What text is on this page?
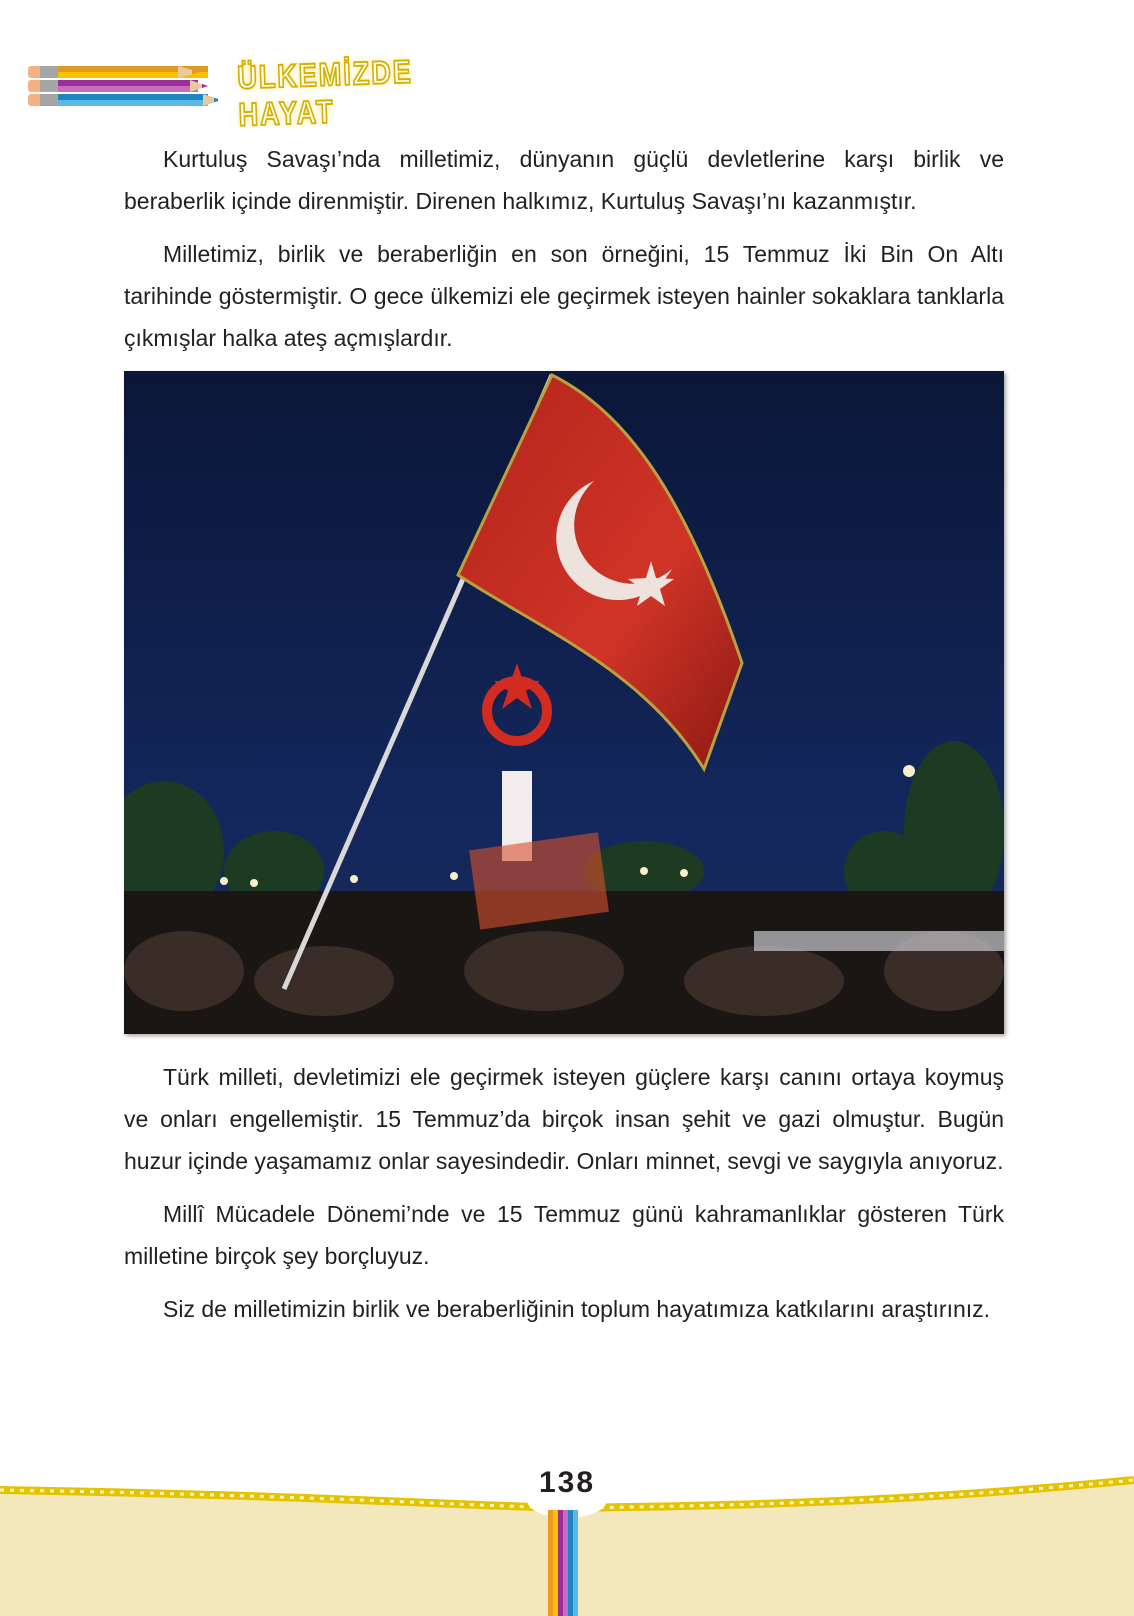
ÜLKEMİZDE HAYAT

Kurtuluş Savaşı’nda milletimiz, dünyanın güçlü devletlerine karşı birlik ve beraberlik içinde direnmiştir. Direnen halkımız, Kurtuluş Savaşı’nı kazanmıştır.

Milletimiz, birlik ve beraberliğin en son örneğini, 15 Temmuz İki Bin On Altı tarihinde göstermiştir. O gece ülkemizi ele geçirmek isteyen hainler sokaklara tanklarla çıkmışlar halka ateş açmışlardır.

Türk milleti, devletimizi ele geçirmek isteyen güçlere karşı canını ortaya koymuş ve onları engellemiştir. 15 Temmuz’da birçok insan şehit ve gazi olmuştur. Bugün huzur içinde yaşamamız onlar sayesindedir. Onları minnet, sevgi ve saygıyla anıyoruz.

Millî Mücadele Dönemi’nde ve 15 Temmuz günü kahramanlıklar gösteren Türk milletine birçok şey borçluyuz.

Siz de milletimizin birlik ve beraberliğinin toplum hayatımıza katkılarını araştırınız.

138
